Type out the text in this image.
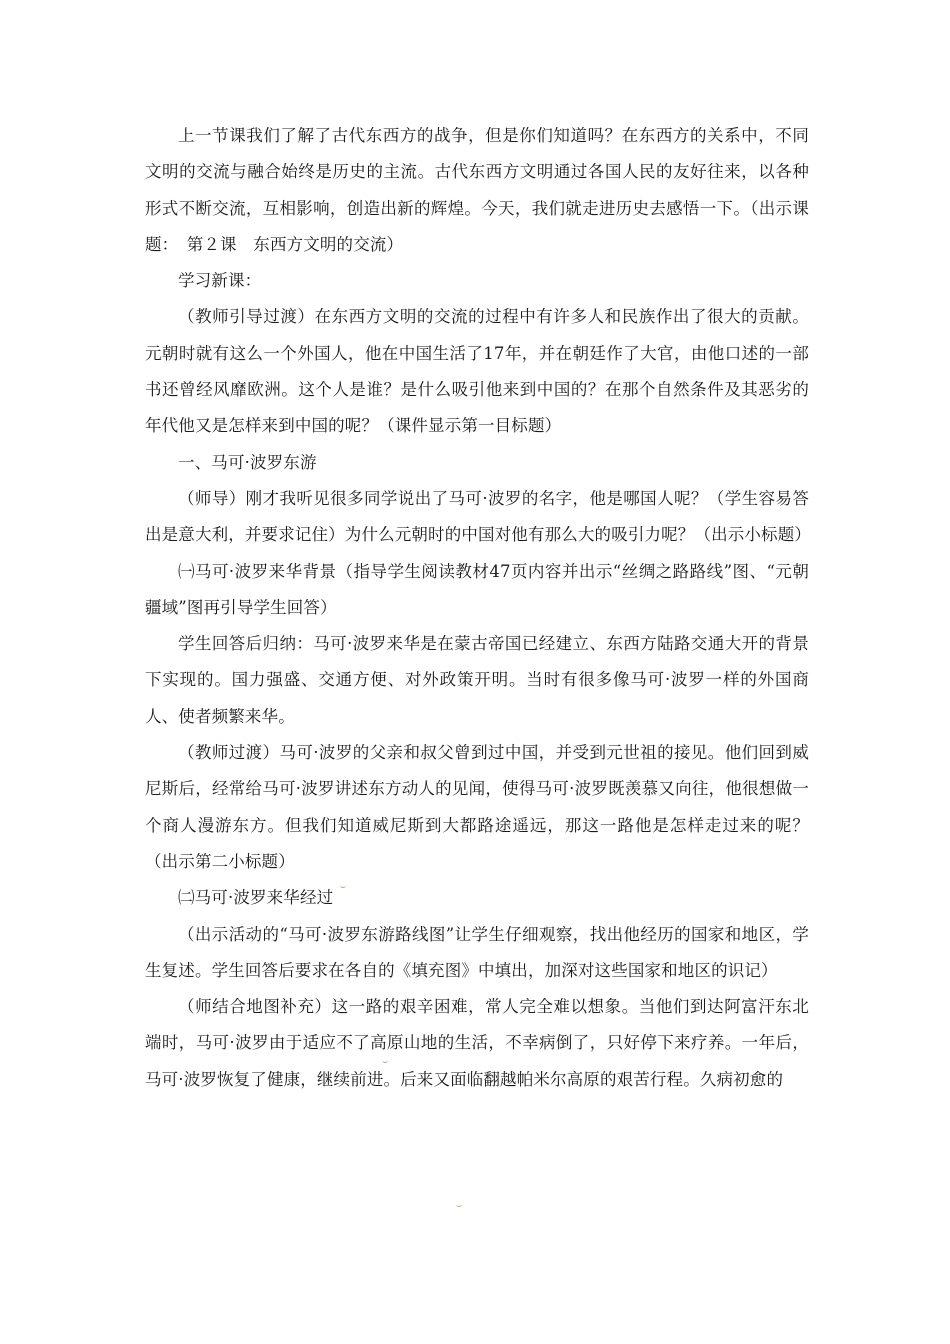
上一节课我们了解了古代东西方的战争，但是你们知道吗？在东西方的关系中，不同文明的交流与融合始终是历史的主流。古代东西方文明通过各国人民的友好往来，以各种形式不断交流，互相影响，创造出新的辉煌。今天，我们就走进历史去感悟一下。（出示课题：　第２课　东西方文明的交流）

学习新课：

（教师引导过渡）在东西方文明的交流的过程中有许多人和民族作出了很大的贡献。元朝时就有这么一个外国人，他在中国生活了17年，并在朝廷作了大官，由他口述的一部书还曾经风靡欧洲。这个人是谁？是什么吸引他来到中国的？在那个自然条件及其恶劣的年代他又是怎样来到中国的呢？（课件显示第一目标题）

一、马可·波罗东游

（师导）刚才我听见很多同学说出了马可·波罗的名字，他是哪国人呢？（学生容易答出是意大利，并要求记住）为什么元朝时的中国对他有那么大的吸引力呢？（出示小标题）

㈠马可·波罗来华背景（指导学生阅读教材47页内容并出示“丝绸之路路线”图、“元朝疆域”图再引导学生回答）

学生回答后归纳：马可·波罗来华是在蒙古帝国已经建立、东西方陆路交通大开的背景下实现的。国力强盛、交通方便、对外政策开明。当时有很多像马可·波罗一样的外国商人、使者频繁来华。

（教师过渡）马可·波罗的父亲和叔父曾到过中国，并受到元世祖的接见。他们回到威尼斯后，经常给马可·波罗讲述东方动人的见闻，使得马可·波罗既羡慕又向往，他很想做一个商人漫游东方。但我们知道威尼斯到大都路途遥远，那这一路他是怎样走过来的呢？（出示第二小标题）

㈡马可·波罗来华经过

（出示活动的“马可·波罗东游路线图”让学生仔细观察，找出他经历的国家和地区，学生复述。学生回答后要求在各自的《填充图》中填出，加深对这些国家和地区的识记）

（师结合地图补充）这一路的艰辛困难，常人完全难以想象。当他们到达阿富汗东北端时，马可·波罗由于适应不了高原山地的生活，不幸病倒了，只好停下来疗养。一年后，马可·波罗恢复了健康，继续前进。后来又面临翻越帕米尔高原的艰苦行程。久病初愈的
